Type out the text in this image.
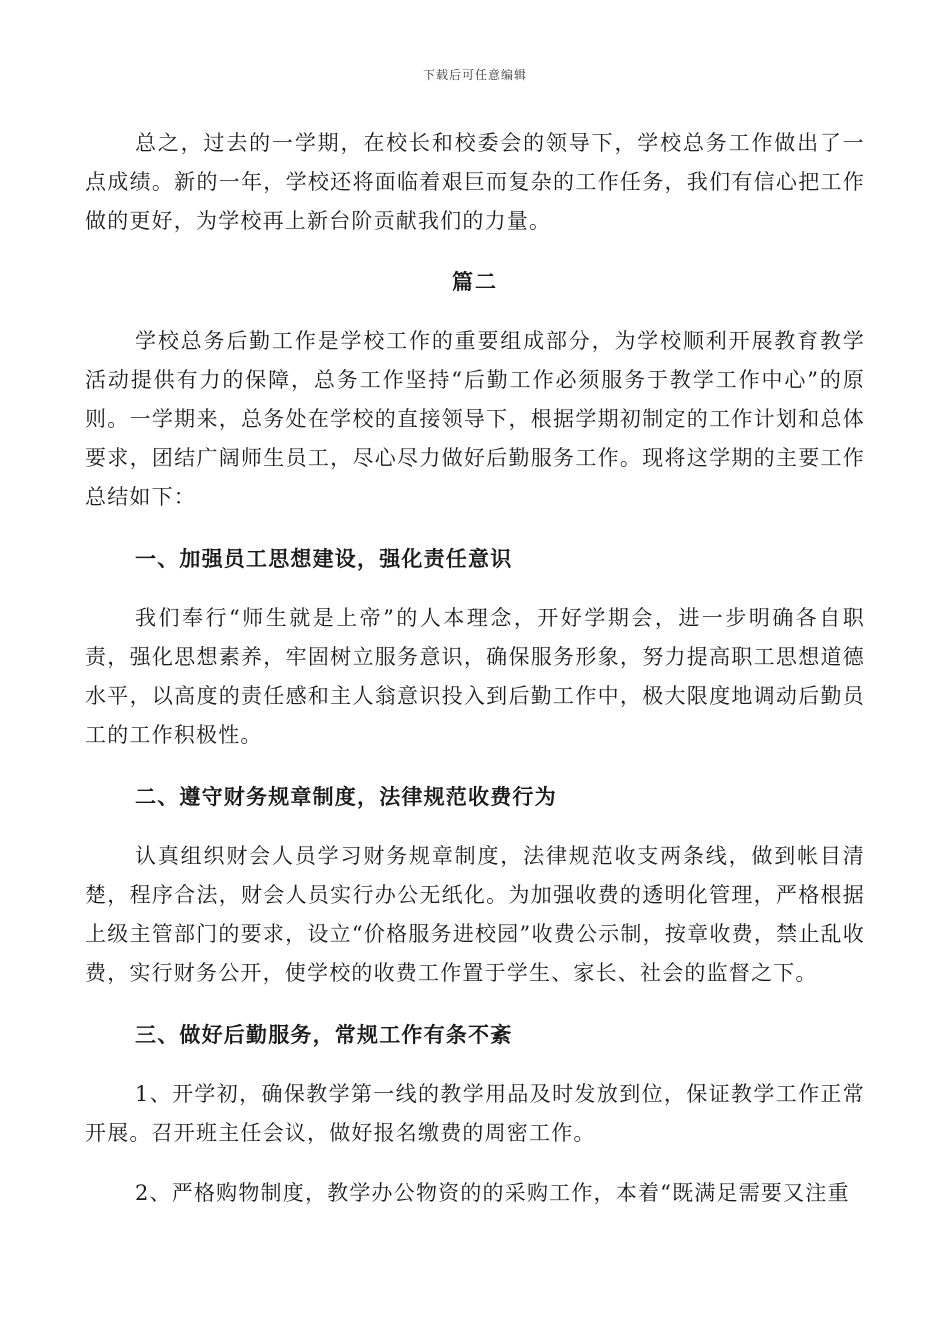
下载后可任意编辑

总之，过去的一学期，在校长和校委会的领导下，学校总务工作做出了一点成绩。新的一年，学校还将面临着艰巨而复杂的工作任务，我们有信心把工作做的更好，为学校再上新台阶贡献我们的力量。

篇二

学校总务后勤工作是学校工作的重要组成部分，为学校顺利开展教育教学活动提供有力的保障，总务工作坚持“后勤工作必须服务于教学工作中心”的原则。一学期来，总务处在学校的直接领导下，根据学期初制定的工作计划和总体要求，团结广阔师生员工，尽心尽力做好后勤服务工作。现将这学期的主要工作总结如下：

一、加强员工思想建设，强化责任意识

我们奉行“师生就是上帝”的人本理念，开好学期会，进一步明确各自职责，强化思想素养，牢固树立服务意识，确保服务形象，努力提高职工思想道德水平，以高度的责任感和主人翁意识投入到后勤工作中，极大限度地调动后勤员工的工作积极性。

二、遵守财务规章制度，法律规范收费行为

认真组织财会人员学习财务规章制度，法律规范收支两条线，做到帐目清楚，程序合法，财会人员实行办公无纸化。为加强收费的透明化管理，严格根据上级主管部门的要求，设立“价格服务进校园”收费公示制，按章收费，禁止乱收费，实行财务公开，使学校的收费工作置于学生、家长、社会的监督之下。

三、做好后勤服务，常规工作有条不紊

1、开学初，确保教学第一线的教学用品及时发放到位，保证教学工作正常开展。召开班主任会议，做好报名缴费的周密工作。

2、严格购物制度，教学办公物资的的采购工作，本着“既满足需要又注重
